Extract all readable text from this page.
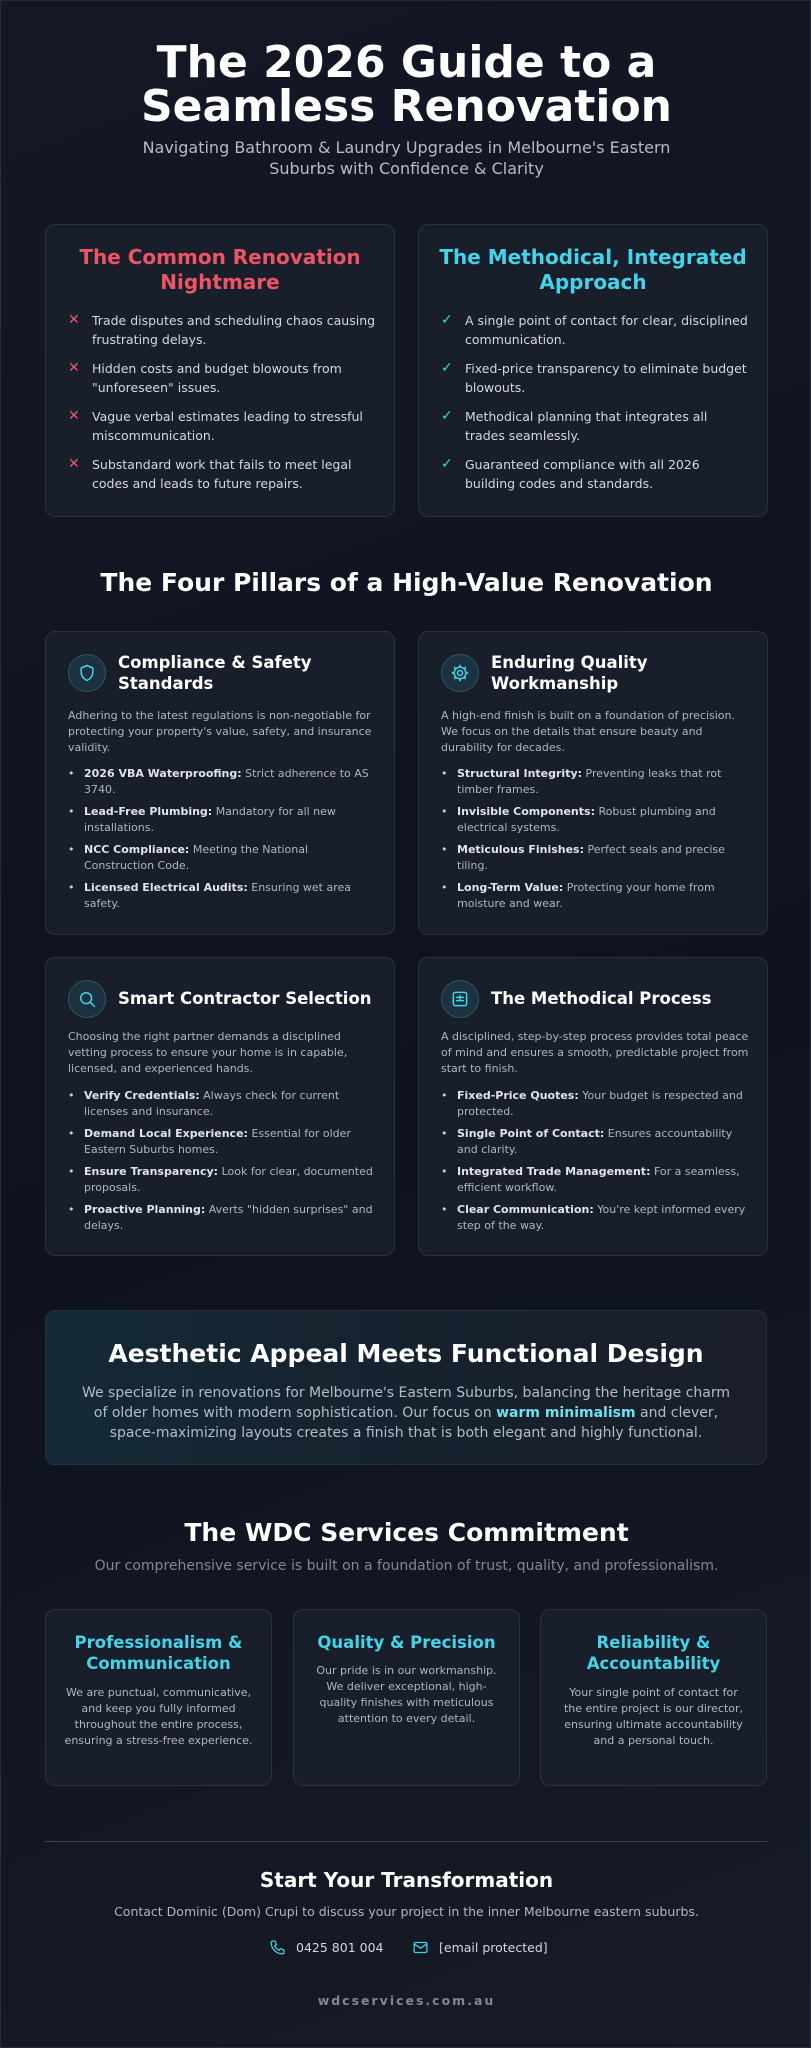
The 2026 Guide to a Seamless Renovation

Navigating Bathroom & Laundry Upgrades in Melbourne's Eastern Suburbs with Confidence & Clarity

The Common Renovation Nightmare
✕ Trade disputes and scheduling chaos causing frustrating delays.
✕ Hidden costs and budget blowouts from "unforeseen" issues.
✕ Vague verbal estimates leading to stressful miscommunication.
✕ Substandard work that fails to meet legal codes and leads to future repairs.
The Methodical, Integrated Approach
✓ A single point of contact for clear, disciplined communication.
✓ Fixed-price transparency to eliminate budget blowouts.
✓ Methodical planning that integrates all trades seamlessly.
✓ Guaranteed compliance with all 2026 building codes and standards.
The Four Pillars of a High-Value Renovation
Compliance & Safety Standards

Adhering to the latest regulations is non-negotiable for protecting your property's value, safety, and insurance validity.

• 2026 VBA Waterproofing: Strict adherence to AS 3740.
• Lead-Free Plumbing: Mandatory for all new installations.
• NCC Compliance: Meeting the National Construction Code.
• Licensed Electrical Audits: Ensuring wet area safety.
Enduring Quality Workmanship

A high-end finish is built on a foundation of precision. We focus on the details that ensure beauty and durability for decades.

• Structural Integrity: Preventing leaks that rot timber frames.
• Invisible Components: Robust plumbing and electrical systems.
• Meticulous Finishes: Perfect seals and precise tiling.
• Long-Term Value: Protecting your home from moisture and wear.
Smart Contractor Selection

Choosing the right partner demands a disciplined vetting process to ensure your home is in capable, licensed, and experienced hands.

• Verify Credentials: Always check for current licenses and insurance.
• Demand Local Experience: Essential for older Eastern Suburbs homes.
• Ensure Transparency: Look for clear, documented proposals.
• Proactive Planning: Averts "hidden surprises" and delays.
The Methodical Process

A disciplined, step-by-step process provides total peace of mind and ensures a smooth, predictable project from start to finish.

• Fixed-Price Quotes: Your budget is respected and protected.
• Single Point of Contact: Ensures accountability and clarity.
• Integrated Trade Management: For a seamless, efficient workflow.
• Clear Communication: You're kept informed every step of the way.
Aesthetic Appeal Meets Functional Design

We specialize in renovations for Melbourne's Eastern Suburbs, balancing the heritage charm of older homes with modern sophistication. Our focus on warm minimalism and clever, space-maximizing layouts creates a finish that is both elegant and highly functional.

The WDC Services Commitment

Our comprehensive service is built on a foundation of trust, quality, and professionalism.

Professionalism & Communication

We are punctual, communicative, and keep you fully informed throughout the entire process, ensuring a stress-free experience.

Quality & Precision

Our pride is in our workmanship. We deliver exceptional, high-quality finishes with meticulous attention to every detail.

Reliability & Accountability

Your single point of contact for the entire project is our director, ensuring ultimate accountability and a personal touch.

Start Your Transformation

Contact Dominic (Dom) Crupi to discuss your project in the inner Melbourne eastern suburbs.

0425 801 004	[email protected]
wdcservices.com.au
